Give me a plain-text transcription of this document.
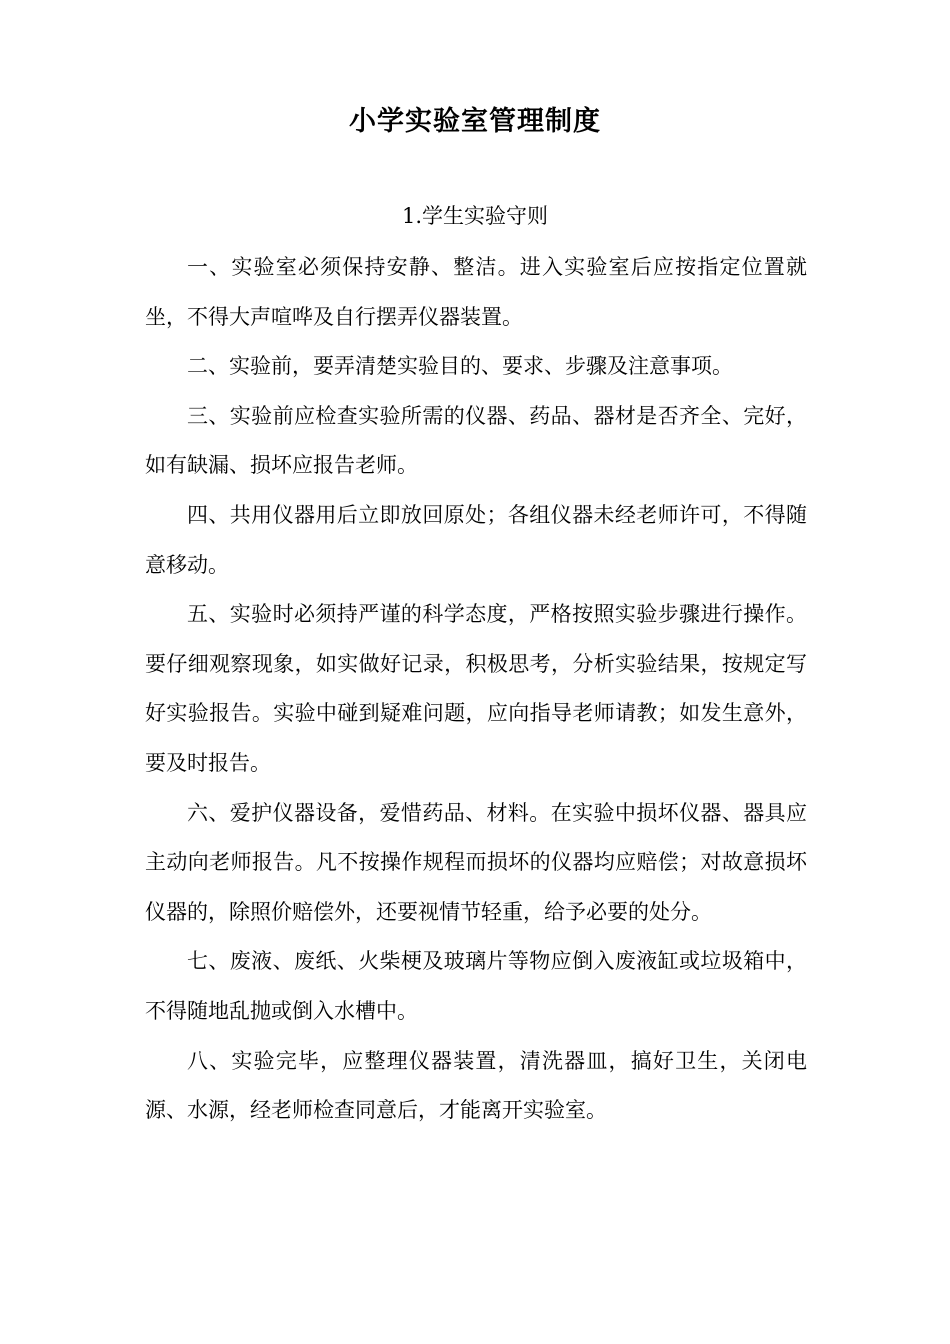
小学实验室管理制度

1.学生实验守则

一、实验室必须保持安静、整洁。进入实验室后应按指定位置就坐，不得大声喧哗及自行摆弄仪器装置。

二、实验前，要弄清楚实验目的、要求、步骤及注意事项。

三、实验前应检查实验所需的仪器、药品、器材是否齐全、完好，如有缺漏、损坏应报告老师。

四、共用仪器用后立即放回原处；各组仪器未经老师许可，不得随意移动。

五、实验时必须持严谨的科学态度，严格按照实验步骤进行操作。要仔细观察现象，如实做好记录，积极思考，分析实验结果，按规定写好实验报告。实验中碰到疑难问题，应向指导老师请教；如发生意外，要及时报告。

六、爱护仪器设备，爱惜药品、材料。在实验中损坏仪器、器具应主动向老师报告。凡不按操作规程而损坏的仪器均应赔偿；对故意损坏仪器的，除照价赔偿外，还要视情节轻重，给予必要的处分。

七、废液、废纸、火柴梗及玻璃片等物应倒入废液缸或垃圾箱中，不得随地乱抛或倒入水槽中。

八、实验完毕，应整理仪器装置，清洗器皿，搞好卫生，关闭电源、水源，经老师检查同意后，才能离开实验室。
